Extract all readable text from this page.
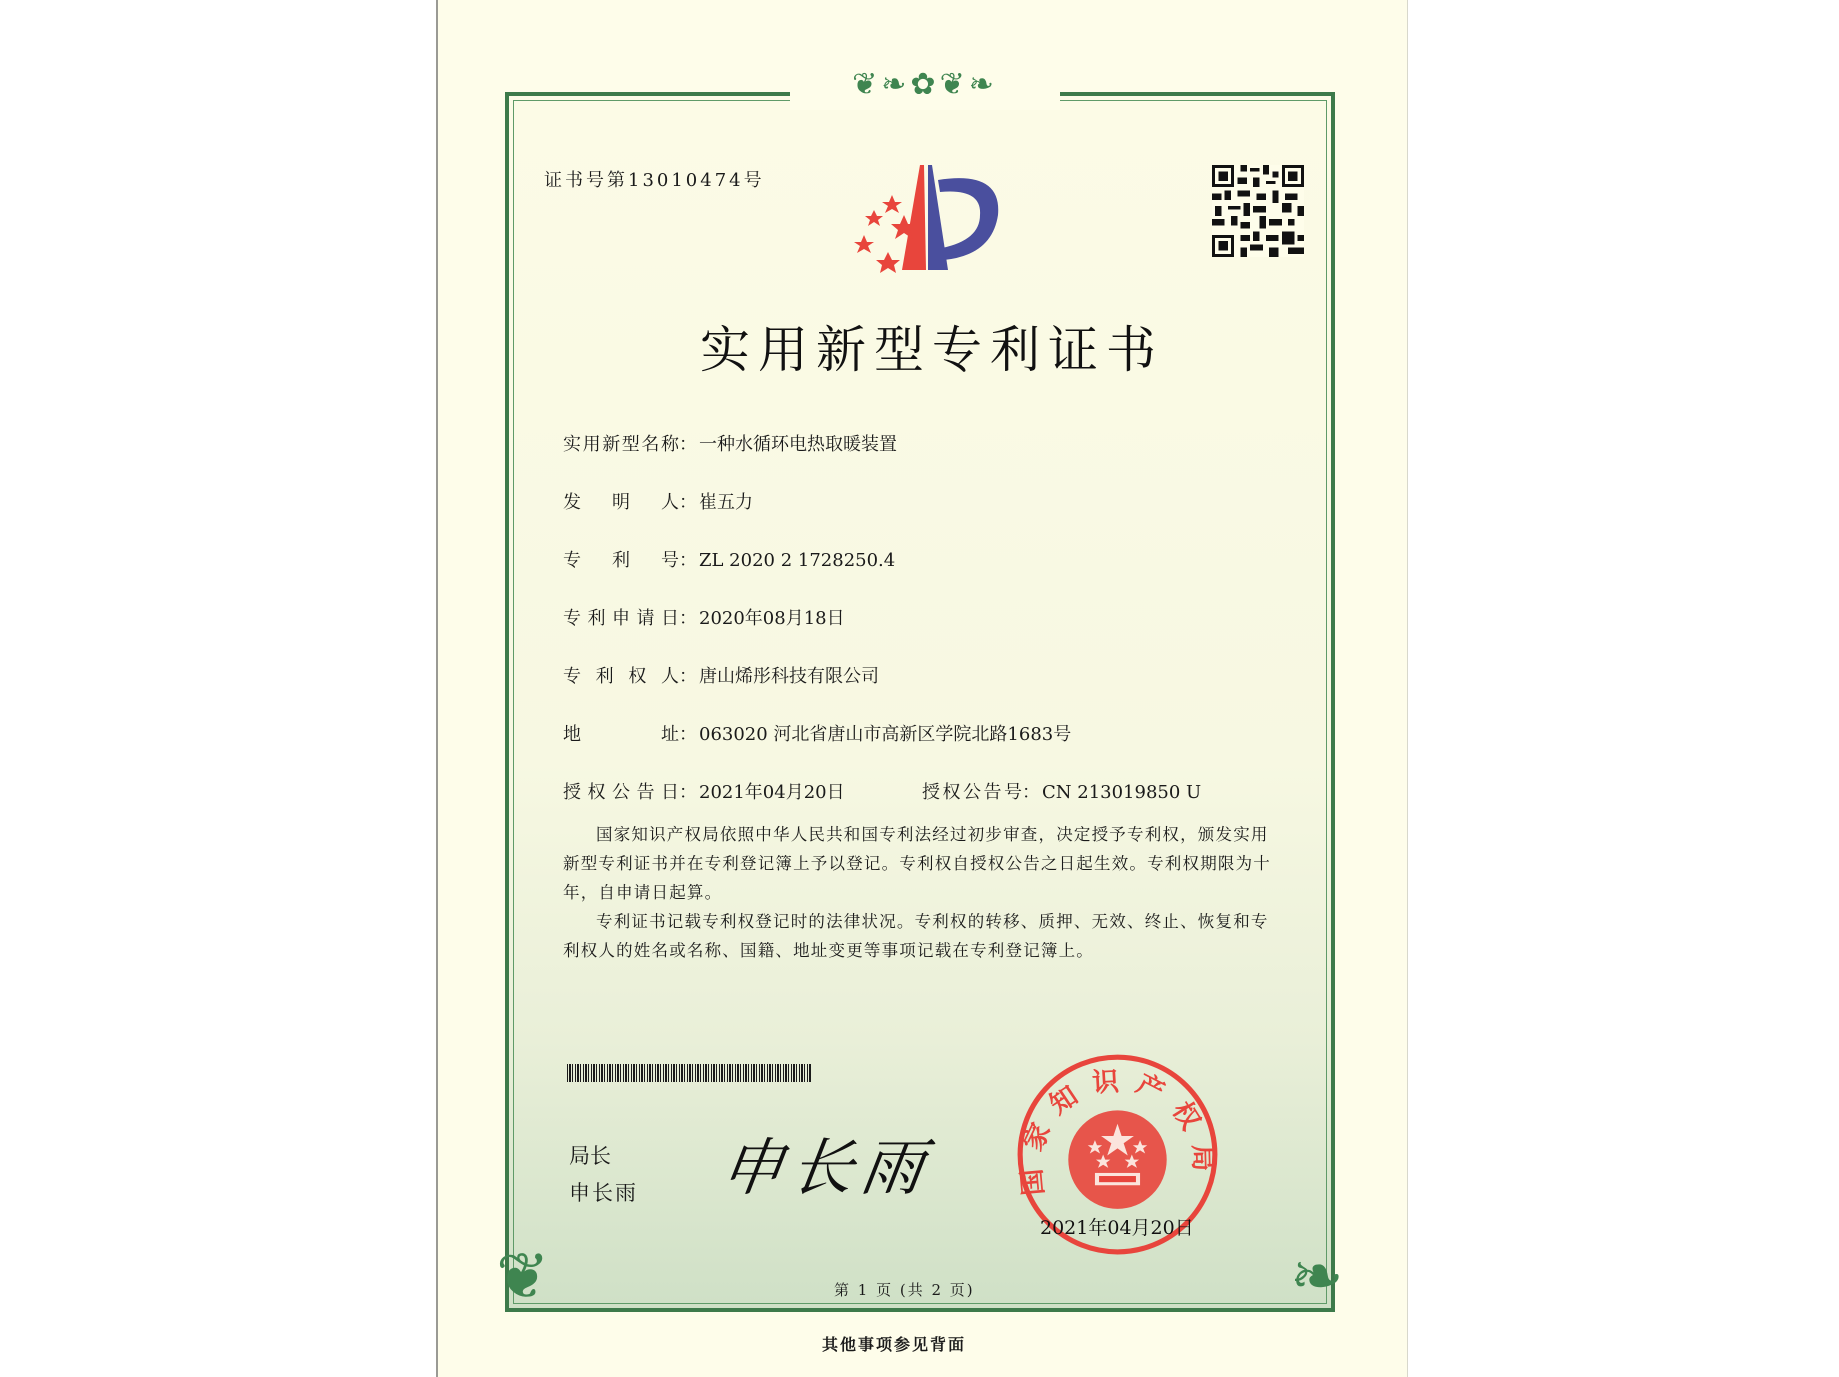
❦❧✿❦❧
❦	❧
证书号第13010474号
实用新型专利证书
实用新型名称： 一种水循环电热取暖装置
发明人： 崔五力
专利号： ZL 2020 2 1728250.4
专利申请日： 2020年08月18日
专利权人： 唐山烯彤科技有限公司
地址： 063020 河北省唐山市高新区学院北路1683号
授权公告日： 2021年04月20日	授权公告号： CN 213019850 U

国家知识产权局依照中华人民共和国专利法经过初步审查，决定授予专利权，颁发实用新型专利证书并在专利登记簿上予以登记。专利权自授权公告之日起生效。专利权期限为十年，自申请日起算。

专利证书记载专利权登记时的法律状况。专利权的转移、质押、无效、终止、恢复和专利权人的姓名或名称、国籍、地址变更等事项记载在专利登记簿上。

局长
申长雨 申长雨	国家知识产权局
2021年04月20日
第 1 页 (共 2 页)
其他事项参见背面
